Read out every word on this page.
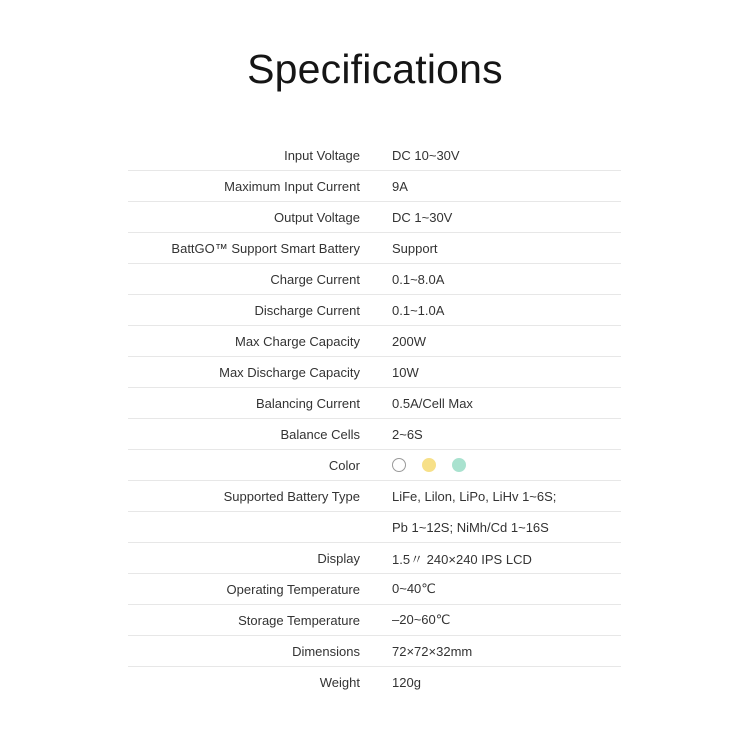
Specifications
Input Voltage DC 10~30V
Maximum Input Current 9A
Output Voltage DC 1~30V
BattGO™ Support Smart Battery Support
Charge Current 0.1~8.0A
Discharge Current 0.1~1.0A
Max Charge Capacity 200W
Max Discharge Capacity 10W
Balancing Current 0.5A/Cell Max
Balance Cells 2~6S
Color
Supported Battery Type LiFe, Lilon, LiPo, LiHv 1~6S;
Pb 1~12S; NiMh/Cd 1~16S
Display 1.5〃 240×240 IPS LCD
Operating Temperature 0~40℃
Storage Temperature –20~60℃
Dimensions 72×72×32mm
Weight 120g
